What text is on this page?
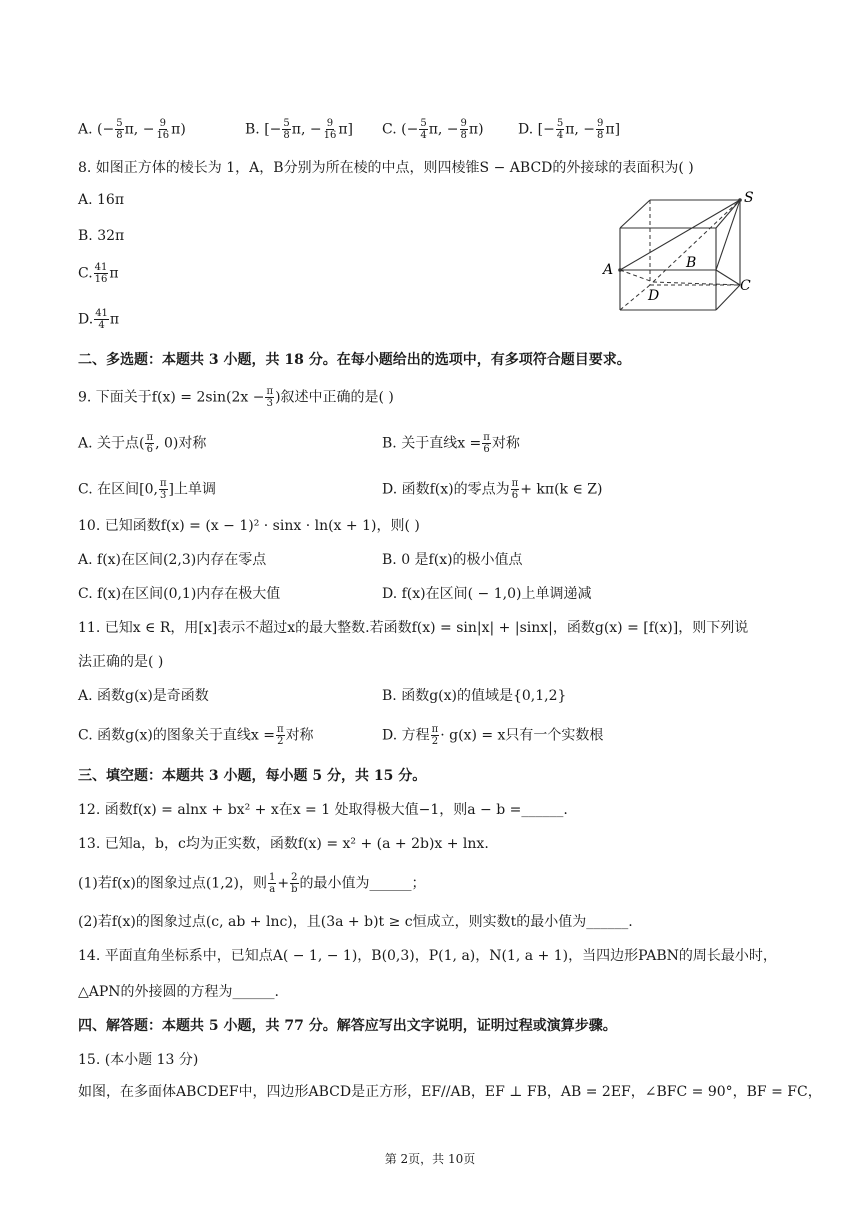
A. (− $\frac{5}{8} \pi$, − $\frac{9}{16} \pi$)	B. [− $\frac{5}{8} \pi$, − $\frac{9}{16} \pi$] C. (− $\frac{5}{4} \pi$, − $\frac{9}{8} \pi$) D. [− $\frac{5}{4} \pi$, − $\frac{9}{8} \pi$]
8. 如图正方体的棱长为 1，A，B分别为所在棱的中点，则四棱锥S − ABCD的外接球的表面积为( )
A. 16π
B. 32π
C. $\frac{41}{16}$ π
D. $\frac{41}{4}$ π
S
A	B
C
D
二、多选题：本题共 3 小题，共 18 分。在每小题给出的选项中，有多项符合题目要求。
9. 下面关于$f(x) = 2\sin(2x - \frac{\pi}{3}$ )叙述中正确的是( )
A. 关于点( $\frac{\pi}{6}$ , 0)对称	B. 关于直线$x = \frac{\pi}{6}$ 对称
C. 在区间[0, $\frac{\pi}{3}$ ]上单调	D. 函数f(x)的零点为 $\frac{\pi}{6} + k\pi(k$ ∈ Z)
10. 已知函数f(x) = (x − 1)² · sinx · ln(x + 1)，则( )
A. f(x)在区间(2,3)内存在零点	B. 0 是f(x)的极小值点
C. f(x)在区间(0,1)内存在极大值	D. f(x)在区间( − 1,0)上单调递减
11. 已知x ∈ R，用[x]表示不超过x的最大整数.若函数f(x) = sin|x| + |sinx|，函数g(x) = [f(x)]，则下列说
法正确的是( )
A. 函数g(x)是奇函数	B. 函数g(x)的值域是{0,1,2}
C. 函数g(x)的图象关于直线$x = \frac{\pi}{2}$ 对称	D. 方程 $\frac{\pi}{2} \cdot g(x) = x$只有一个实数根
三、填空题：本题共 3 小题，每小题 5 分，共 15 分。
12. 函数f(x) = alnx + bx² + x在x = 1 处取得极大值−1，则a − b =______.
13. 已知a，b，c均为正实数，函数f(x) = x² + (a + 2b)x + lnx.
(1)若f(x)的图象过点(1,2)，则 $\frac{1}{a} + \frac{2}{b}$ 的最小值为______；
(2)若f(x)的图象过点(c, ab + lnc)，且(3a + b)t ≥ c恒成立，则实数t的最小值为______.
14. 平面直角坐标系中，已知点A( − 1, − 1)，B(0,3)，P(1, a)，N(1, a + 1)，当四边形PABN的周长最小时，
△APN的外接圆的方程为______.
四、解答题：本题共 5 小题，共 77 分。解答应写出文字说明，证明过程或演算步骤。
15. (本小题 13 分)
如图，在多面体ABCDEF中，四边形ABCD是正方形，EF//AB，EF ⊥ FB，AB = 2EF，∠BFC = 90°，BF = FC，
第 2页，共 10页
